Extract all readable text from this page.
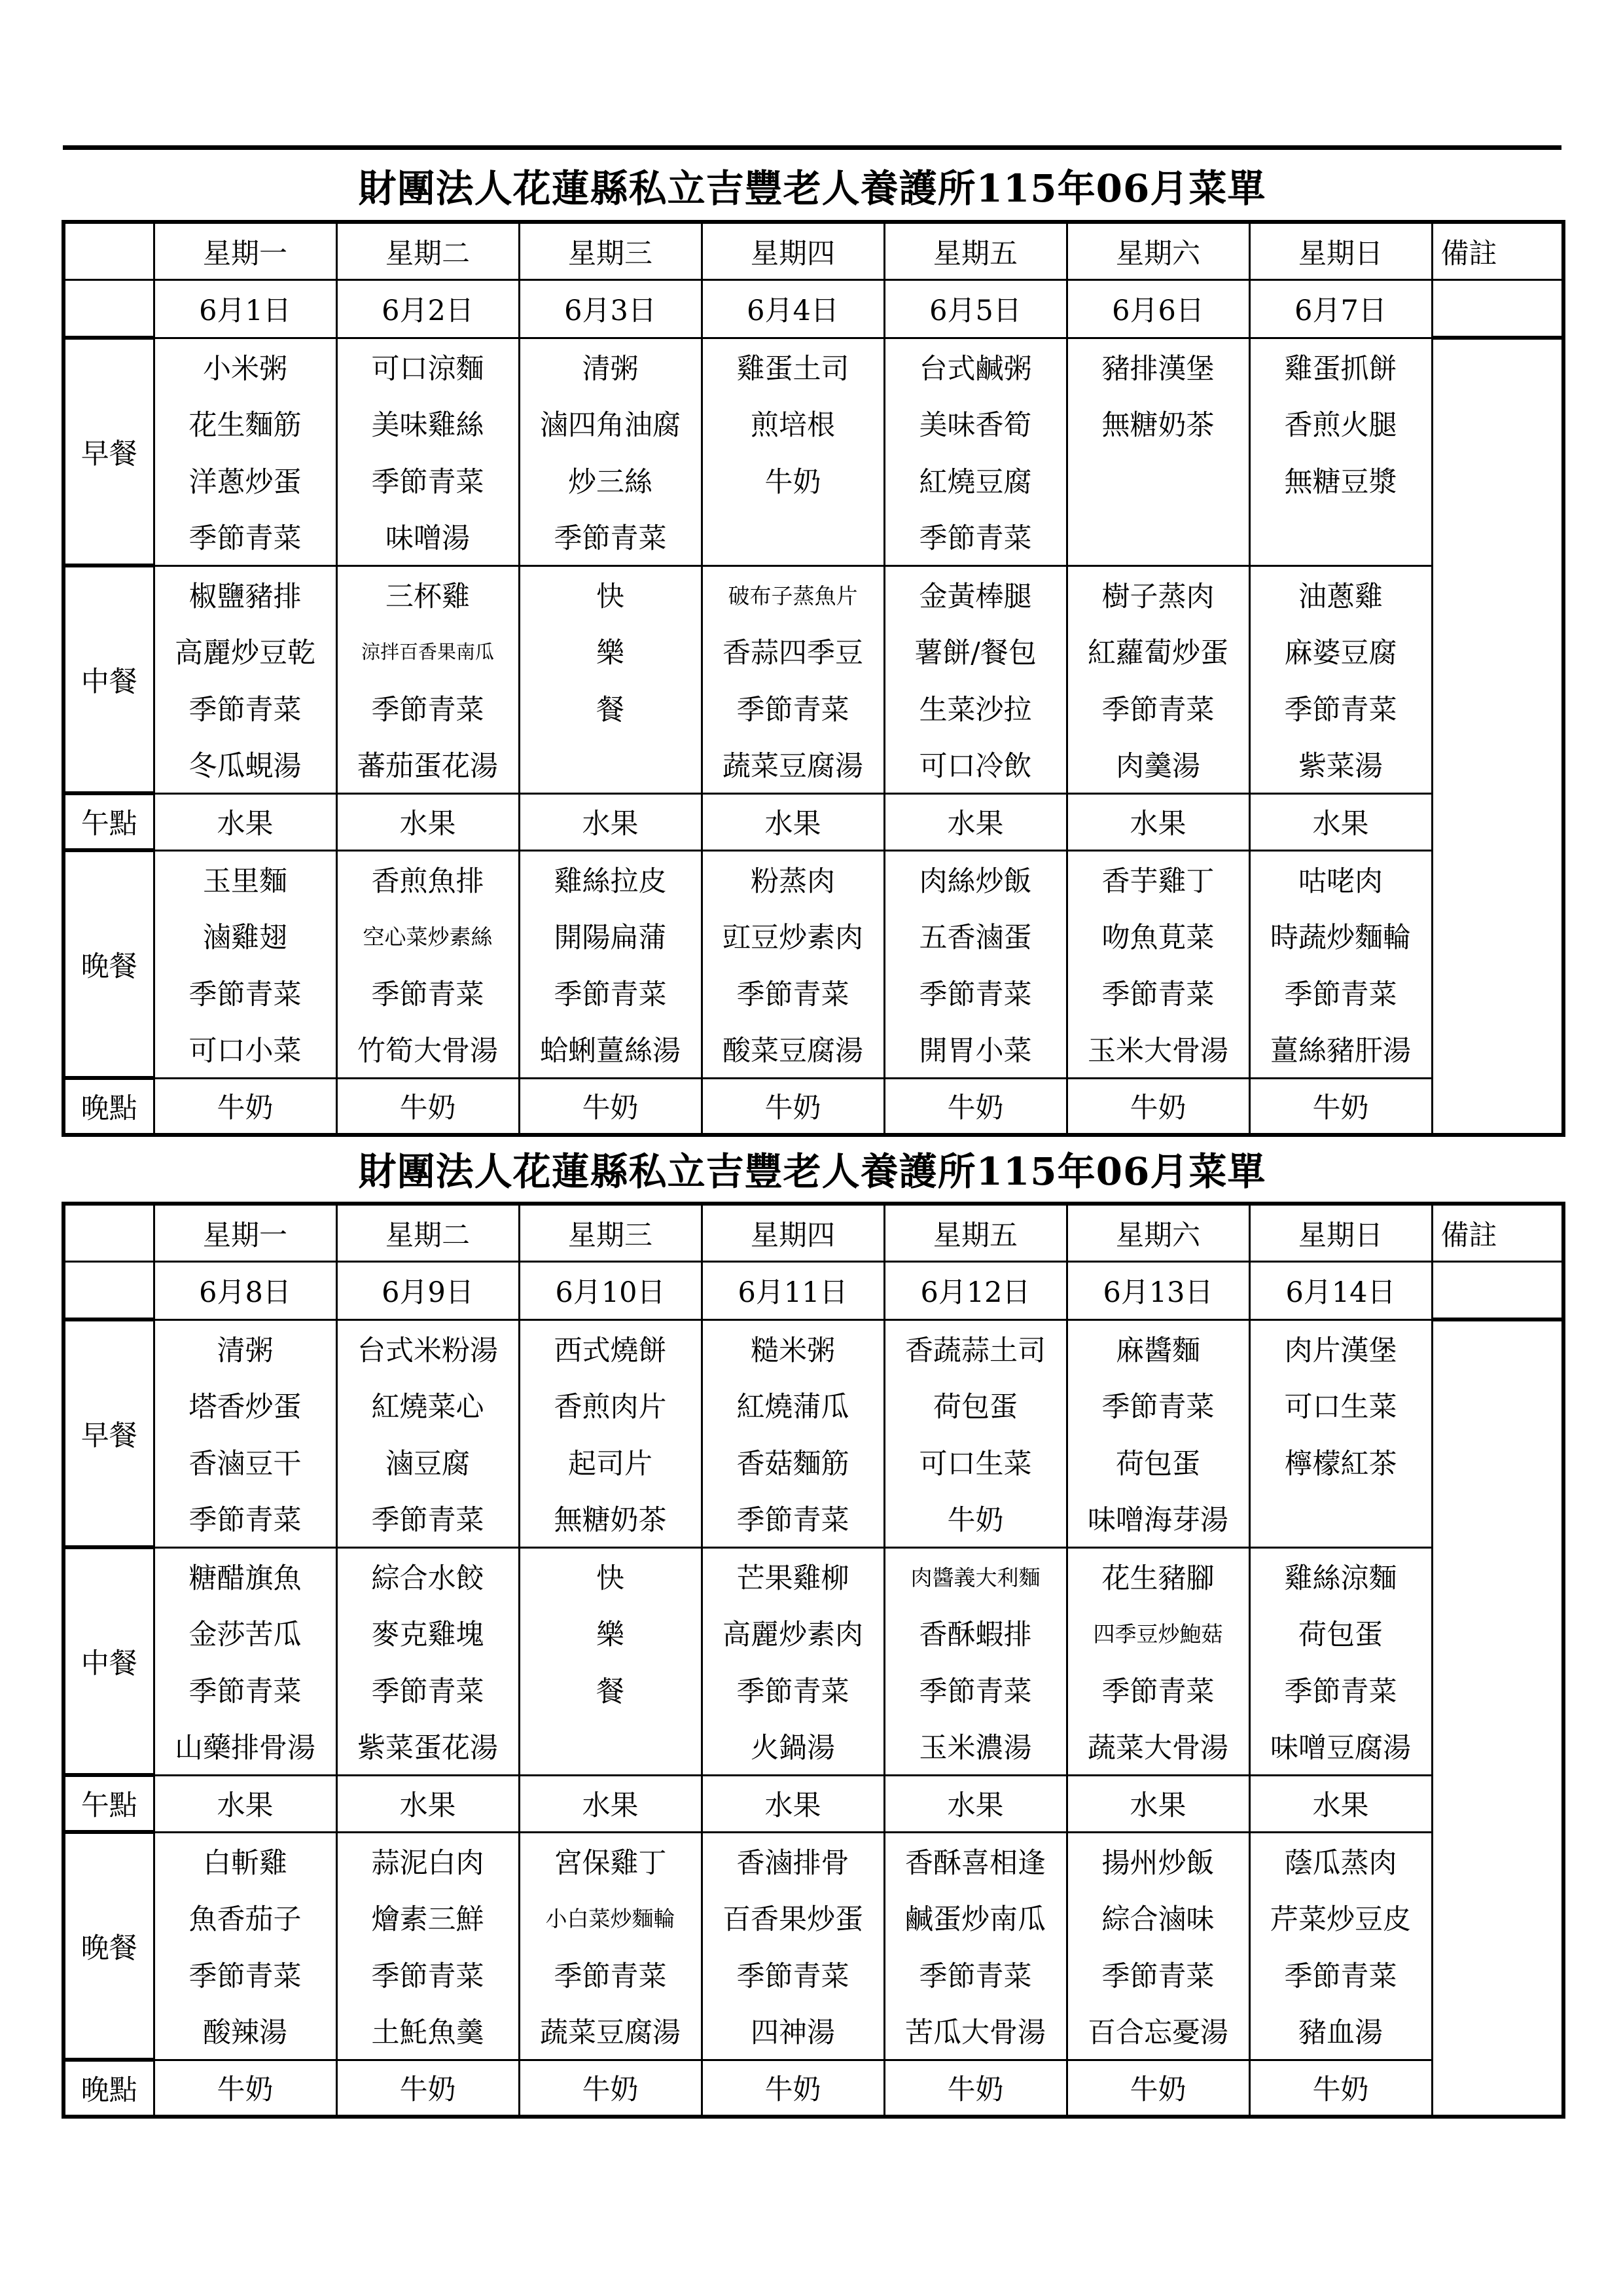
財團法人花蓮縣私立吉豐老人養護所115年06月菜單
	星期一	星期二	星期三	星期四	星期五	星期六	星期日	備註
	6月1日	6月2日	6月3日	6月4日	6月5日	6月6日	6月7日	
早餐	小米粥	可口涼麵	清粥	雞蛋土司	台式鹹粥	豬排漢堡	雞蛋抓餅	
	花生麵筋	美味雞絲	滷四角油腐	煎培根	美味香筍	無糖奶茶	香煎火腿	
	洋蔥炒蛋	季節青菜	炒三絲	牛奶	紅燒豆腐		無糖豆漿	
	季節青菜	味噌湯	季節青菜		季節青菜			
中餐	椒鹽豬排	三杯雞	快	破布子蒸魚片	金黃棒腿	樹子蒸肉	油蔥雞	
	高麗炒豆乾	涼拌百香果南瓜	樂	香蒜四季豆	薯餅/餐包	紅蘿蔔炒蛋	麻婆豆腐	
	季節青菜	季節青菜	餐	季節青菜	生菜沙拉	季節青菜	季節青菜	
	冬瓜蜆湯	蕃茄蛋花湯		蔬菜豆腐湯	可口冷飲	肉羹湯	紫菜湯	
午點	水果	水果	水果	水果	水果	水果	水果	
晚餐	玉里麵	香煎魚排	雞絲拉皮	粉蒸肉	肉絲炒飯	香芋雞丁	咕咾肉	
	滷雞翅	空心菜炒素絲	開陽扁蒲	豇豆炒素肉	五香滷蛋	吻魚莧菜	時蔬炒麵輪	
	季節青菜	季節青菜	季節青菜	季節青菜	季節青菜	季節青菜	季節青菜	
	可口小菜	竹筍大骨湯	蛤蜊薑絲湯	酸菜豆腐湯	開胃小菜	玉米大骨湯	薑絲豬肝湯	
晚點	牛奶	牛奶	牛奶	牛奶	牛奶	牛奶	牛奶	
財團法人花蓮縣私立吉豐老人養護所115年06月菜單
	星期一	星期二	星期三	星期四	星期五	星期六	星期日	備註
	6月8日	6月9日	6月10日	6月11日	6月12日	6月13日	6月14日	
早餐	清粥	台式米粉湯	西式燒餅	糙米粥	香蔬蒜土司	麻醬麵	肉片漢堡	
	塔香炒蛋	紅燒菜心	香煎肉片	紅燒蒲瓜	荷包蛋	季節青菜	可口生菜	
	香滷豆干	滷豆腐	起司片	香菇麵筋	可口生菜	荷包蛋	檸檬紅茶	
	季節青菜	季節青菜	無糖奶茶	季節青菜	牛奶	味噌海芽湯		
中餐	糖醋旗魚	綜合水餃	快	芒果雞柳	肉醬義大利麵	花生豬腳	雞絲涼麵	
	金莎苦瓜	麥克雞塊	樂	高麗炒素肉	香酥蝦排	四季豆炒鮑菇	荷包蛋	
	季節青菜	季節青菜	餐	季節青菜	季節青菜	季節青菜	季節青菜	
	山藥排骨湯	紫菜蛋花湯		火鍋湯	玉米濃湯	蔬菜大骨湯	味噌豆腐湯	
午點	水果	水果	水果	水果	水果	水果	水果	
晚餐	白斬雞	蒜泥白肉	宮保雞丁	香滷排骨	香酥喜相逢	揚州炒飯	蔭瓜蒸肉	
	魚香茄子	燴素三鮮	小白菜炒麵輪	百香果炒蛋	鹹蛋炒南瓜	綜合滷味	芹菜炒豆皮	
	季節青菜	季節青菜	季節青菜	季節青菜	季節青菜	季節青菜	季節青菜	
	酸辣湯	土魠魚羹	蔬菜豆腐湯	四神湯	苦瓜大骨湯	百合忘憂湯	豬血湯	
晚點	牛奶	牛奶	牛奶	牛奶	牛奶	牛奶	牛奶	
